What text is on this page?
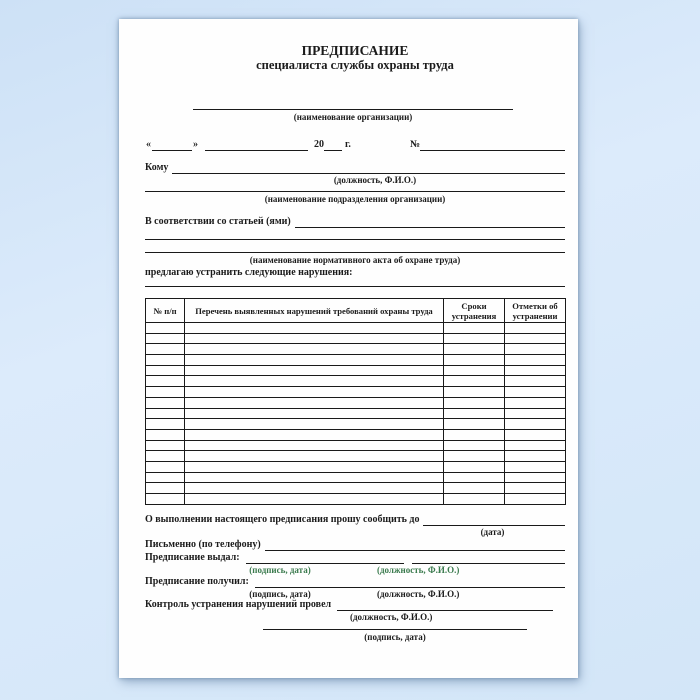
ПРЕДПИСАНИЕ
специалиста службы охраны труда
(наименование организации)
«	»	20 г.	№
Кому
(должность, Ф.И.О.)
(наименование подразделения организации)
В соответствии со статьей (ями)
(наименование нормативного акта об охране труда)
предлагаю устранить следующие нарушения:
№ п/п	Перечень выявленных нарушений требований охраны труда	Сроки устранения	Отметки об устранении

О выполнении настоящего предписания прошу сообщить до
(дата)
Письменно (по телефону)
Предписание выдал:
(подпись, дата)	(должность, Ф.И.О.)
Предписание получил:
(подпись, дата)	(должность, Ф.И.О.)
Контроль устранения нарушений провел
(должность, Ф.И.О.)
(подпись, дата)
